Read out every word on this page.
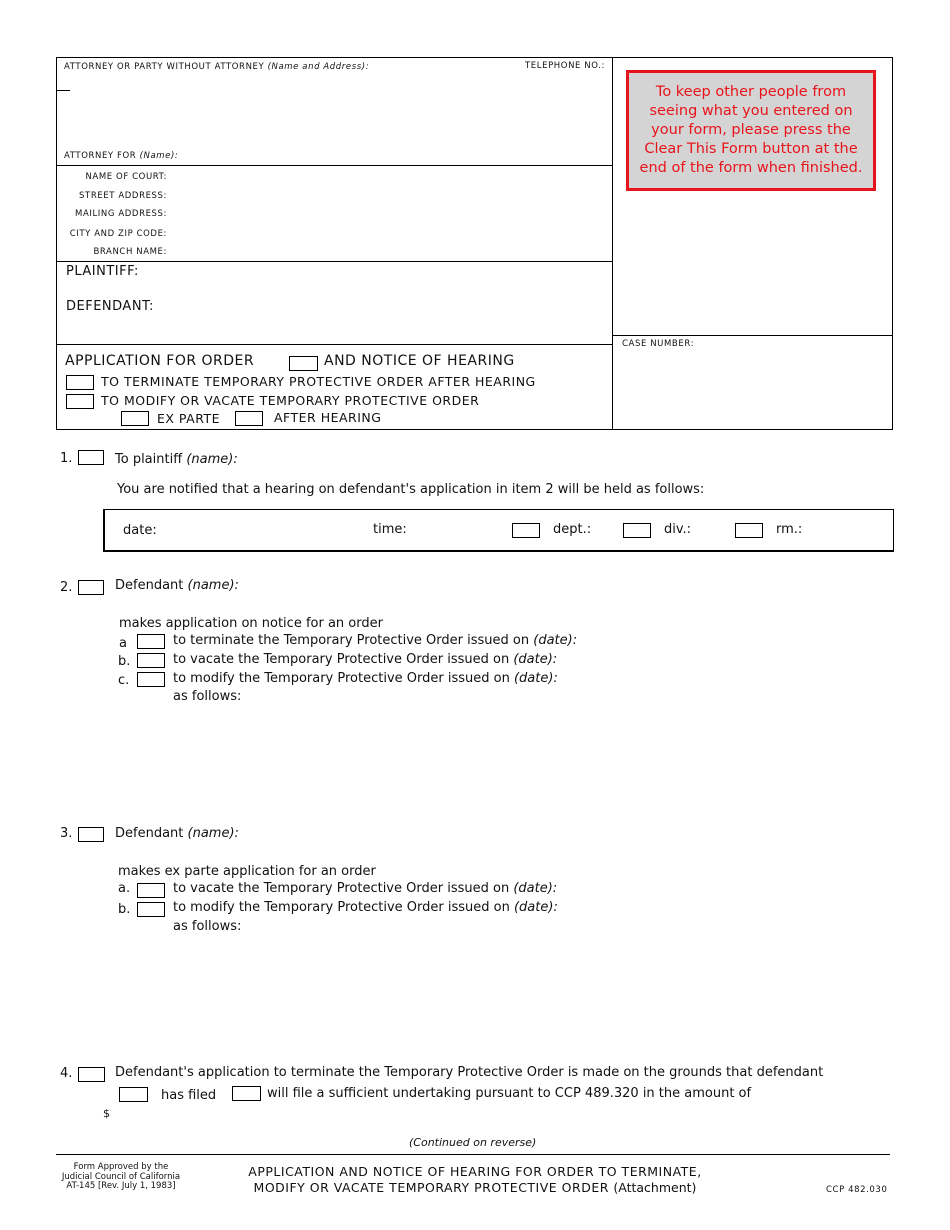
ATTORNEY OR PARTY WITHOUT ATTORNEY (Name and Address):	TELEPHONE NO.:
ATTORNEY FOR (Name):
NAME OF COURT:
STREET ADDRESS:
MAILING ADDRESS:
CITY AND ZIP CODE:
BRANCH NAME:
PLAINTIFF:
DEFENDANT:
To keep other people from seeing what you entered on your form, please press the Clear This Form button at the end of the form when finished.
CASE NUMBER:
APPLICATION FOR ORDER	AND NOTICE OF HEARING
TO TERMINATE TEMPORARY PROTECTIVE ORDER AFTER HEARING
TO MODIFY OR VACATE TEMPORARY PROTECTIVE ORDER
EX PARTE	AFTER HEARING
1.	To plaintiff (name):
You are notified that a hearing on defendant's application in item 2 will be held as follows:
date:	time:	dept.:	div.:	rm.:
2.	Defendant (name):
makes application on notice for an order
a	to terminate the Temporary Protective Order issued on (date):
b.	to vacate the Temporary Protective Order issued on (date):
c.	to modify the Temporary Protective Order issued on (date):
as follows:
3.	Defendant (name):
makes ex parte application for an order
a.	to vacate the Temporary Protective Order issued on (date):
b.	to modify the Temporary Protective Order issued on (date):
as follows:
4.	Defendant's application to terminate the Temporary Protective Order is made on the grounds that defendant
has filed	will file a sufficient undertaking pursuant to CCP 489.320 in the amount of
$
(Continued on reverse)
Form Approved by the
Judicial Council of California
AT-145 [Rev. July 1, 1983]
APPLICATION AND NOTICE OF HEARING FOR ORDER TO TERMINATE,
MODIFY OR VACATE TEMPORARY PROTECTIVE ORDER (Attachment)	CCP 482.030
